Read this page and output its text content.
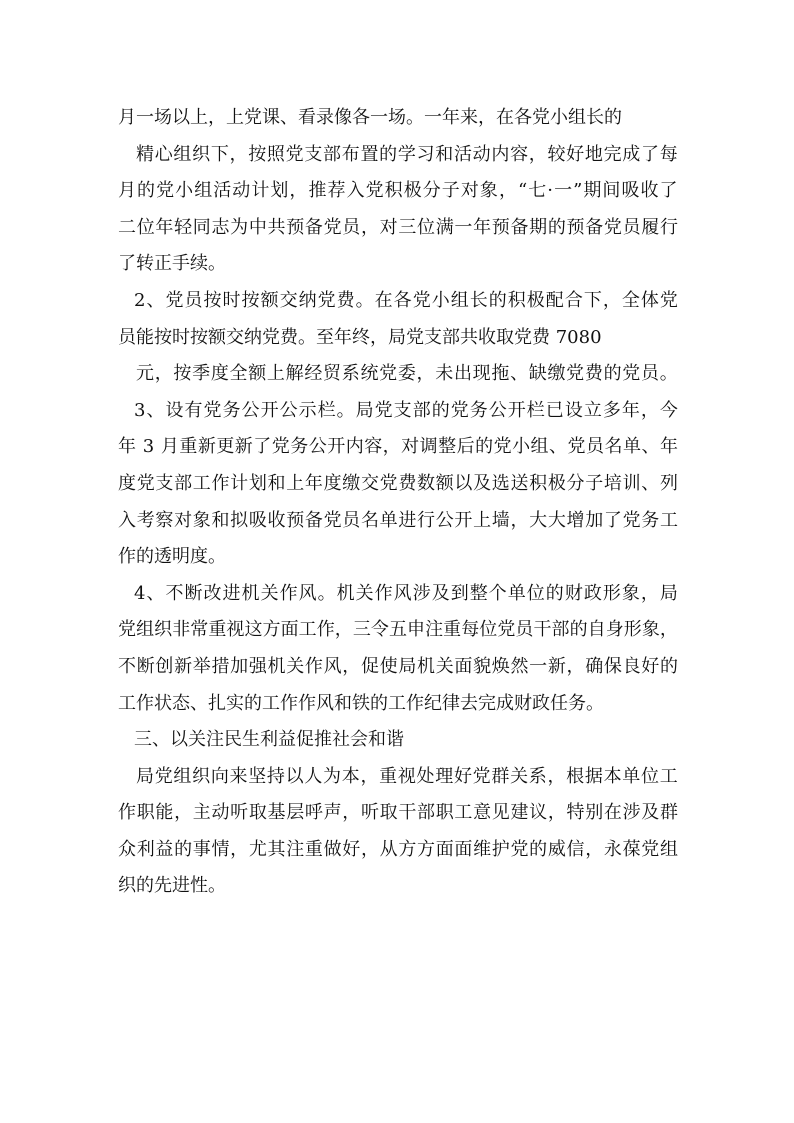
月一场以上，上党课、看录像各一场。一年来，在各党小组长的
精 心 组 织 下 ， 按 照 党 支 部 布 置 的 学 习 和 活 动 内 容 ， 较 好 地 完 成 了 每
月 的 党 小 组 活 动 计 划 ， 推 荐 入 党 积 极 分 子 对 象 ， “ 七 · 一 ” 期 间 吸 收 了
二 位 年 轻 同 志 为 中 共 预 备 党 员 ， 对 三 位 满 一 年 预 备 期 的 预 备 党 员 履 行
了转正手续。
2 、 党 员 按 时 按 额 交 纳 党 费 。 在 各 党 小 组 长 的 积 极 配 合 下 ， 全 体 党
员能按时按额交纳党费。至年终，局党支部共收取党费 7080
元 ， 按 季 度 全 额 上 解 经 贸 系 统 党 委 ， 未 出 现 拖 、 缺 缴 党 费 的 党 员 。
3 、 设 有 党 务 公 开 公 示 栏 。 局 党 支 部 的 党 务 公 开 栏 已 设 立 多 年 ， 今
年
3
月 重 新 更 新 了 党 务 公 开 内 容 ， 对 调 整 后 的 党 小 组 、 党 员 名 单 、 年
度 党 支 部 工 作 计 划 和 上 年 度 缴 交 党 费 数 额 以 及 选 送 积 极 分 子 培 训 、 列
入 考 察 对 象 和 拟 吸 收 预 备 党 员 名 单 进 行 公 开 上 墙 ， 大 大 增 加 了 党 务 工
作的透明度。
4 、 不 断 改 进 机 关 作 风 。 机 关 作 风 涉 及 到 整 个 单 位 的 财 政 形 象 ， 局
党 组 织 非 常 重 视 这 方 面 工 作 ， 三 令 五 申 注 重 每 位 党 员 干 部 的 自 身 形 象 ，
不 断 创 新 举 措 加 强 机 关 作 风 ， 促 使 局 机 关 面 貌 焕 然 一 新 ， 确 保 良 好 的
工作状态、扎实的工作作风和铁的工作纪律去完成财政任务。
三、以关注民生利益促推社会和谐
局 党 组 织 向 来 坚 持 以 人 为 本 ， 重 视 处 理 好 党 群 关 系 ， 根 据 本 单 位 工
作 职 能 ， 主 动 听 取 基 层 呼 声 ， 听 取 干 部 职 工 意 见 建 议 ， 特 别 在 涉 及 群
众 利 益 的 事 情 ， 尤 其 注 重 做 好 ， 从 方 方 面 面 维 护 党 的 威 信 ， 永 葆 党 组
织的先进性。
